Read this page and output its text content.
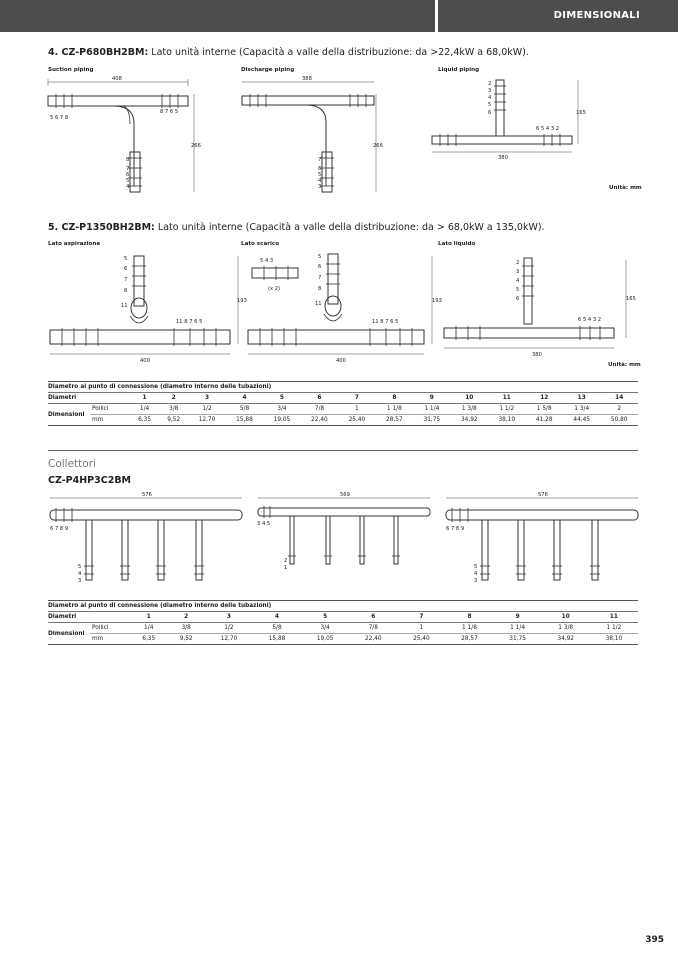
DIMENSIONALI
4. CZ-P680BH2BM: Lato unità interne (Capacità a valle della distribuzione: da >22,4kW a 68,0kW).
Suction piping	Discharge piping	Liquid piping
408
5 6 7 8
8 7 6 5
8
7
6
5
4
266
388
7
6
5
4
3
266
2
3
4
5
6
6 5 4 3 2
380
165
Unità: mm
5. CZ-P1350BH2BM: Lato unità interne (Capacità a valle della distribuzione: da > 68,0kW a 135,0kW).
Lato aspirazione	Lato scarico	Lato liquido
5
6
7
8
11
11 8 7 6 5
400
193
5 4 3
(x 2)
5
6
7
8
11
11 8 7 6 5
400
193
2
3
4
5
6
6 5 4 3 2
380
165
Unità: mm
Diametro al punto di connessione (diametro interno delle tubazioni)															
Diametri		1	2	3	4	5	6	7	8	9	10	11	12	13	14
Dimensioni	Pollici	1/4	3/8	1/2	5/8	3/4	7/8	1	1 1/8	1 1/4	1 3/8	1 1/2	1 5/8	1 3/4	2
	mm	6,35	9,52	12,70	15,88	19,05	22,40	25,40	28,57	31,75	34,92	38,10	41,28	44,45	50,80
Collettori
CZ-P4HP3C2BM
576
6 7 8 9
5
4
3
569
3 4 5
2
1
576
6 7 8 9
5
4
3
Diametro al punto di connessione (diametro interno delle tubazioni)												
Diametri		1	2	3	4	5	6	7	8	9	10	11
Dimensioni	Pollici	1/4	3/8	1/2	5/8	3/4	7/8	1	1 1/8	1 1/4	1 3/8	1 1/2
	mm	6,35	9,52	12,70	15,88	19,05	22,40	25,40	28,57	31,75	34,92	38,10
395
